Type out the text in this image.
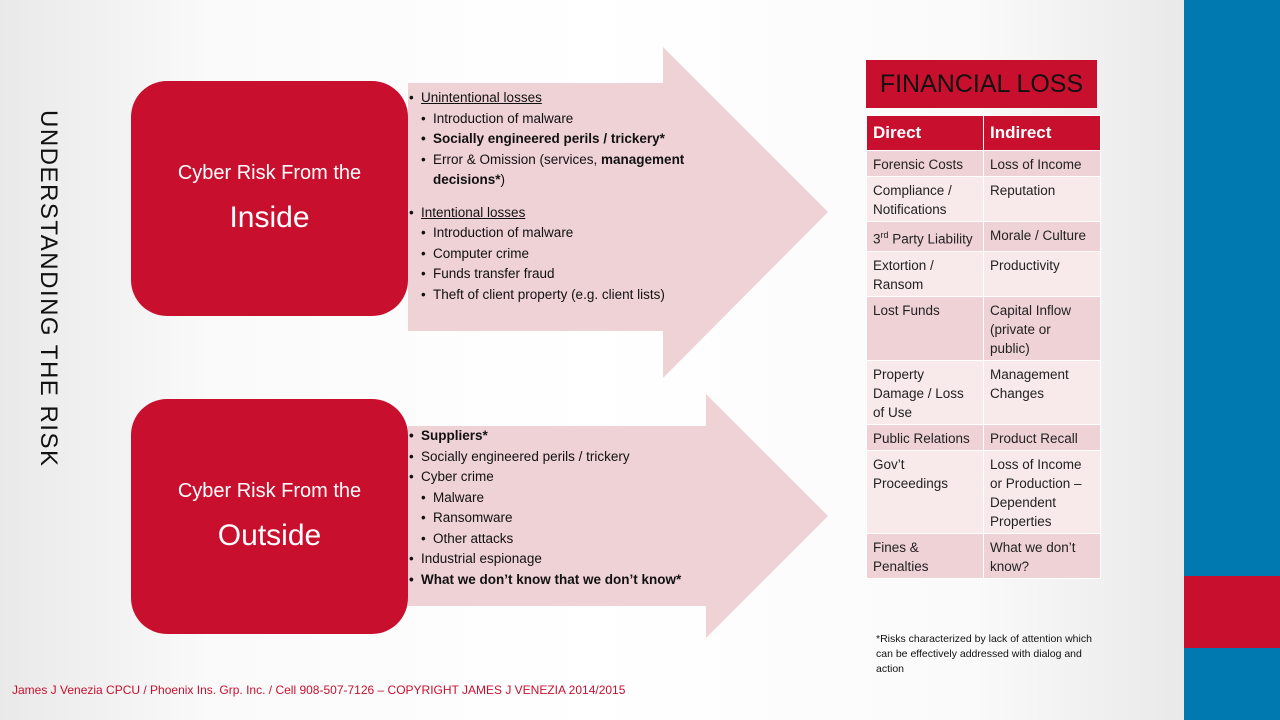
UNDERSTANDING THE RISK	Cyber Risk From the
Inside
Cyber Risk From the
Outside
• Unintentional losses
• Introduction of malware
• Socially engineered perils / trickery*
• Error & Omission (services, management decisions*)
• Intentional losses
• Introduction of malware
• Computer crime
• Funds transfer fraud
• Theft of client property (e.g. client lists)
• Suppliers*
• Socially engineered perils / trickery
• Cyber crime
• Malware
• Ransomware
• Other attacks
• Industrial espionage
• What we don’t know that we don’t know*
FINANCIAL LOSS
Direct	Indirect
Forensic Costs	Loss of Income
Compliance / Notifications	Reputation
3rd Party Liability	Morale / Culture
Extortion / Ransom	Productivity
Lost Funds	Capital Inflow (private or public)
Property Damage / Loss of Use	Management Changes
Public Relations	Product Recall
Gov’t Proceedings	Loss of Income or Production – Dependent Properties
Fines & Penalties	What we don’t know?
*Risks characterized by lack of attention which can be effectively addressed with dialog and action
James J Venezia CPCU / Phoenix Ins. Grp. Inc. / Cell 908-507-7126 – COPYRIGHT JAMES J VENEZIA 2014/2015
